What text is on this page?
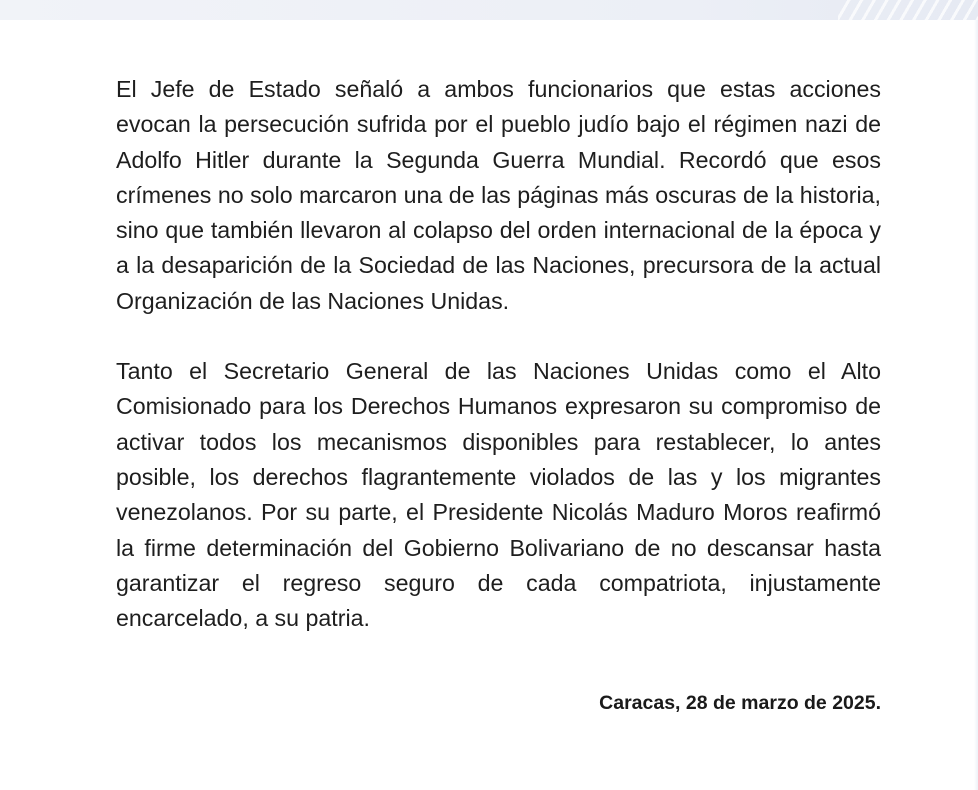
El Jefe de Estado señaló a ambos funcionarios que estas acciones evocan la persecución sufrida por el pueblo judío bajo el régimen nazi de Adolfo Hitler durante la Segunda Guerra Mundial. Recordó que esos crímenes no solo marcaron una de las páginas más oscuras de la historia, sino que también llevaron al colapso del orden internacional de la época y a la desaparición de la Sociedad de las Naciones, precursora de la actual Organización de las Naciones Unidas.

Tanto el Secretario General de las Naciones Unidas como el Alto Comisionado para los Derechos Humanos expresaron su compromiso de activar todos los mecanismos disponibles para restablecer, lo antes posible, los derechos flagrantemente violados de las y los migrantes venezolanos. Por su parte, el Presidente Nicolás Maduro Moros reafirmó la firme determinación del Gobierno Bolivariano de no descansar hasta garantizar el regreso seguro de cada compatriota, injustamente encarcelado, a su patria.

Caracas, 28 de marzo de 2025.
